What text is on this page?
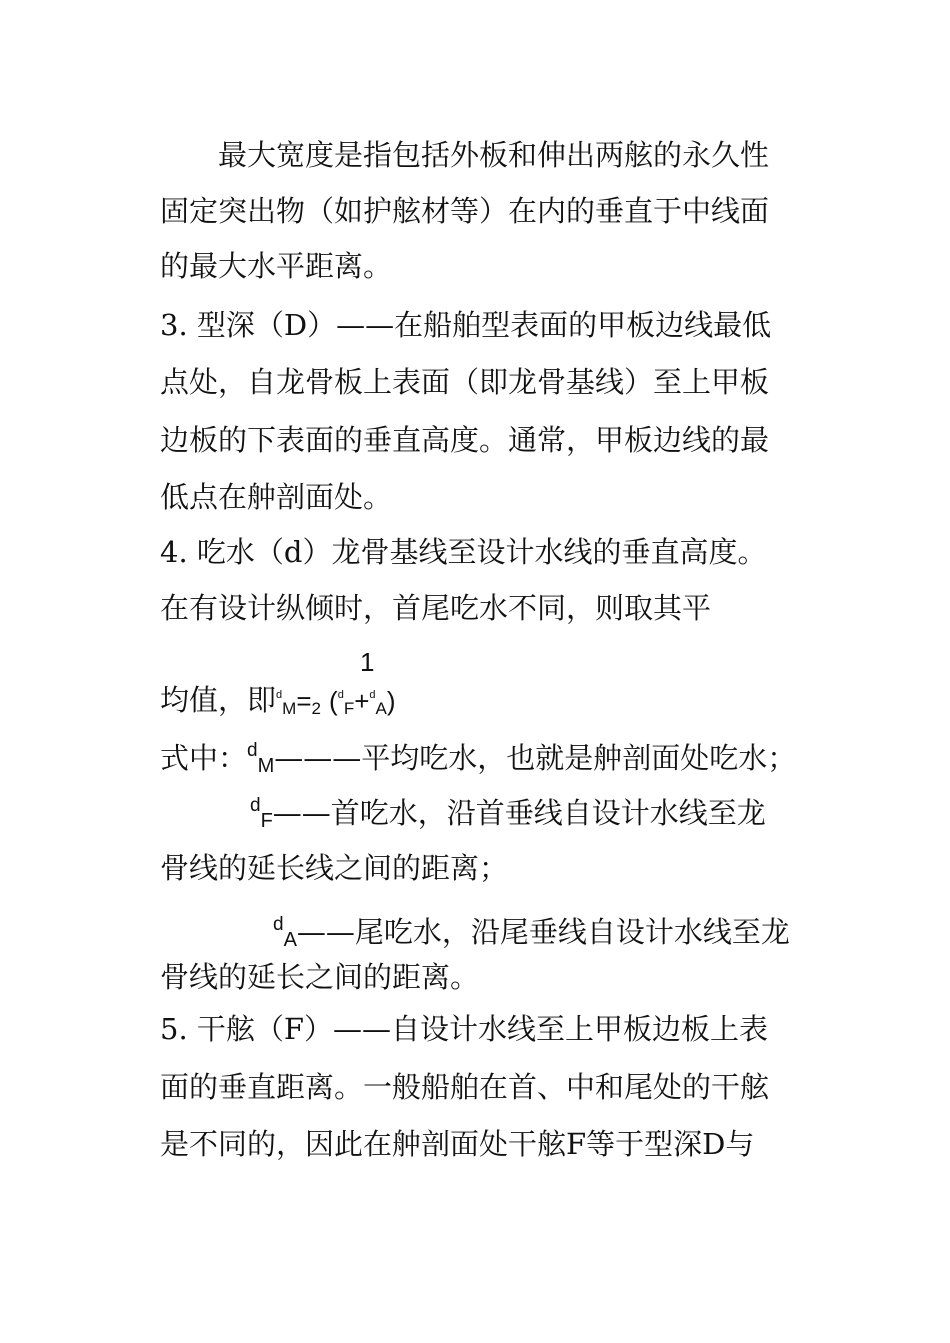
最大宽度是指包括外板和伸出两舷的永久性
固定突出物（如护舷材等）在内的垂直于中线面
的最大水平距离。
3. 型深（D）——在船舶型表面的甲板边线最低
点处，自龙骨板上表面（即龙骨基线）至上甲板
边板的下表面的垂直高度。通常，甲板边线的最
低点在舯剖面处。
4. 吃水（d）龙骨基线至设计水线的垂直高度。
在有设计纵倾时，首尾吃水不同，则取其平
1
均值，即$^d$M=2 ($^d$F+$^d$A)
式中：$^d$M———平均吃水，也就是舯剖面处吃水；
$^d$F——首吃水，沿首垂线自设计水线至龙
骨线的延长线之间的距离；
$^d$A——尾吃水，沿尾垂线自设计水线至龙
骨线的延长之间的距离。
5. 干舷（F）——自设计水线至上甲板边板上表
面的垂直距离。一般船舶在首、中和尾处的干舷
是不同的，因此在舯剖面处干舷F等于型深D与
